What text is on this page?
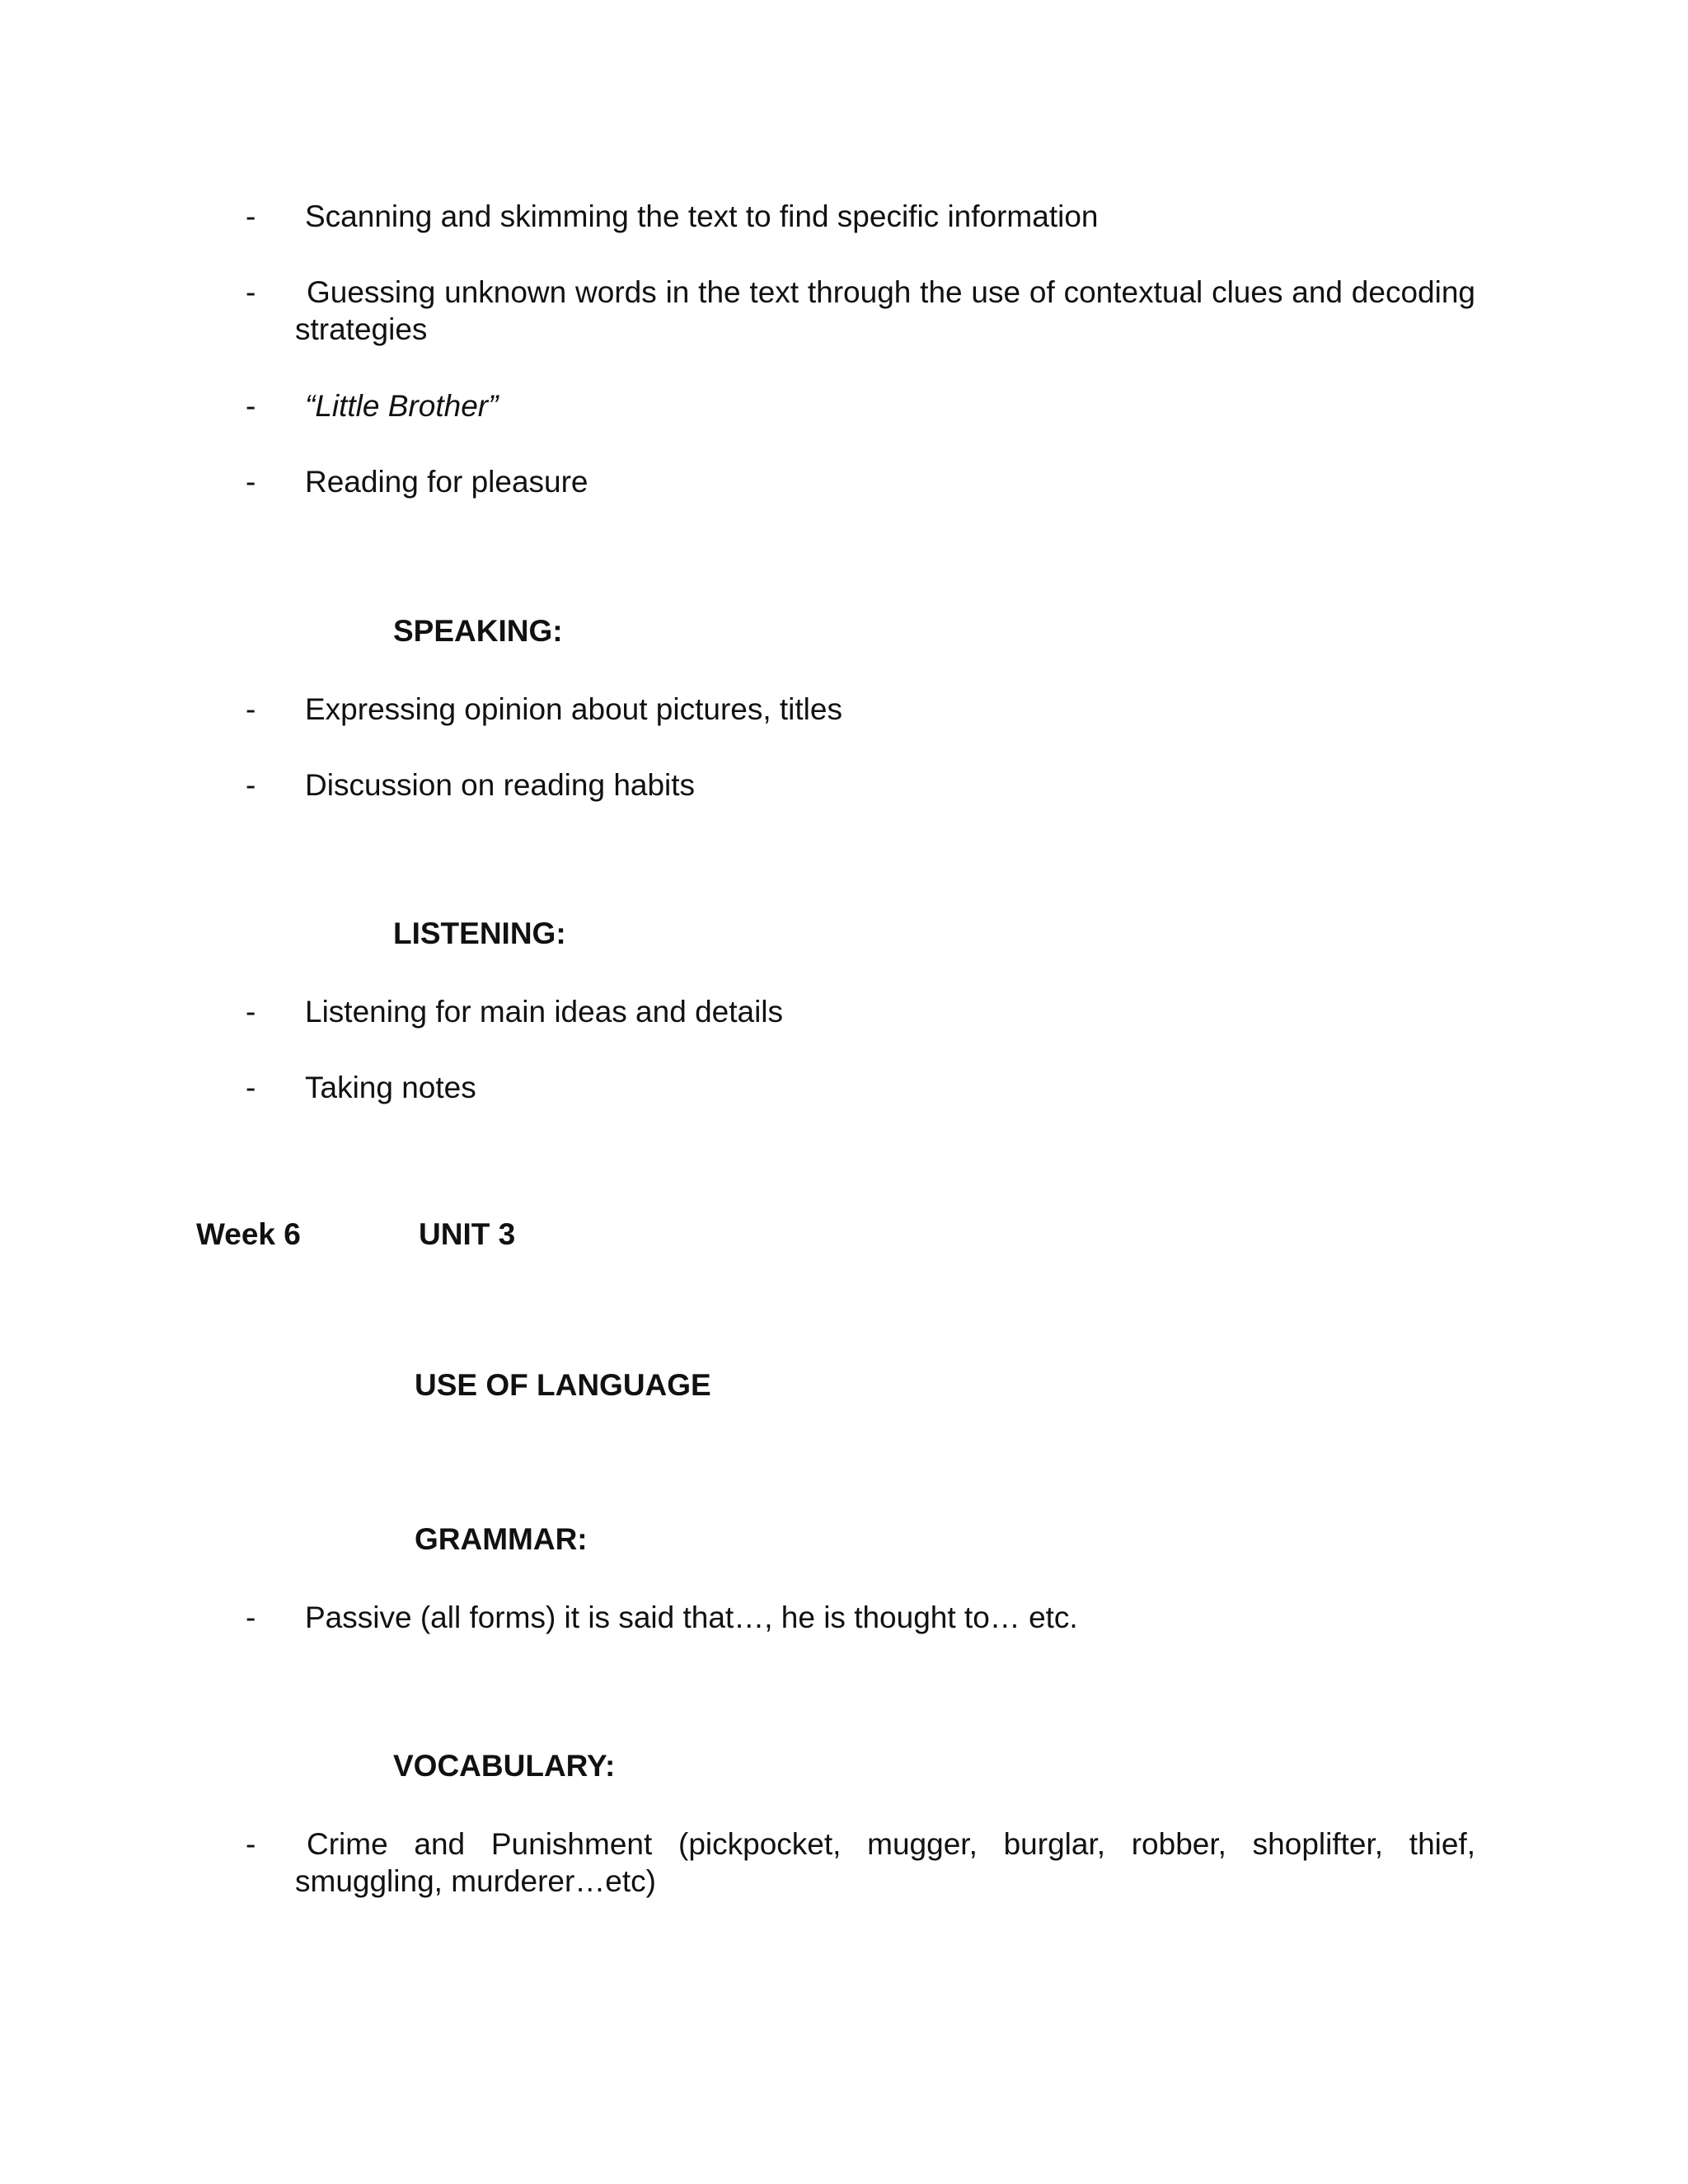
- Scanning and skimming the text to find specific information
-	Guessing unknown words in the text through the use of contextual clues and decoding strategies
- “Little Brother”
- Reading for pleasure
SPEAKING:
- Expressing opinion about pictures, titles
- Discussion on reading habits
LISTENING:
- Listening for main ideas and details
- Taking notes
Week 6	UNIT 3
USE OF LANGUAGE
GRAMMAR:
- Passive (all forms) it is said that…, he is thought to… etc.
VOCABULARY:
-	Crime and Punishment (pickpocket, mugger, burglar, robber, shoplifter, thief, smuggling, murderer…etc)
